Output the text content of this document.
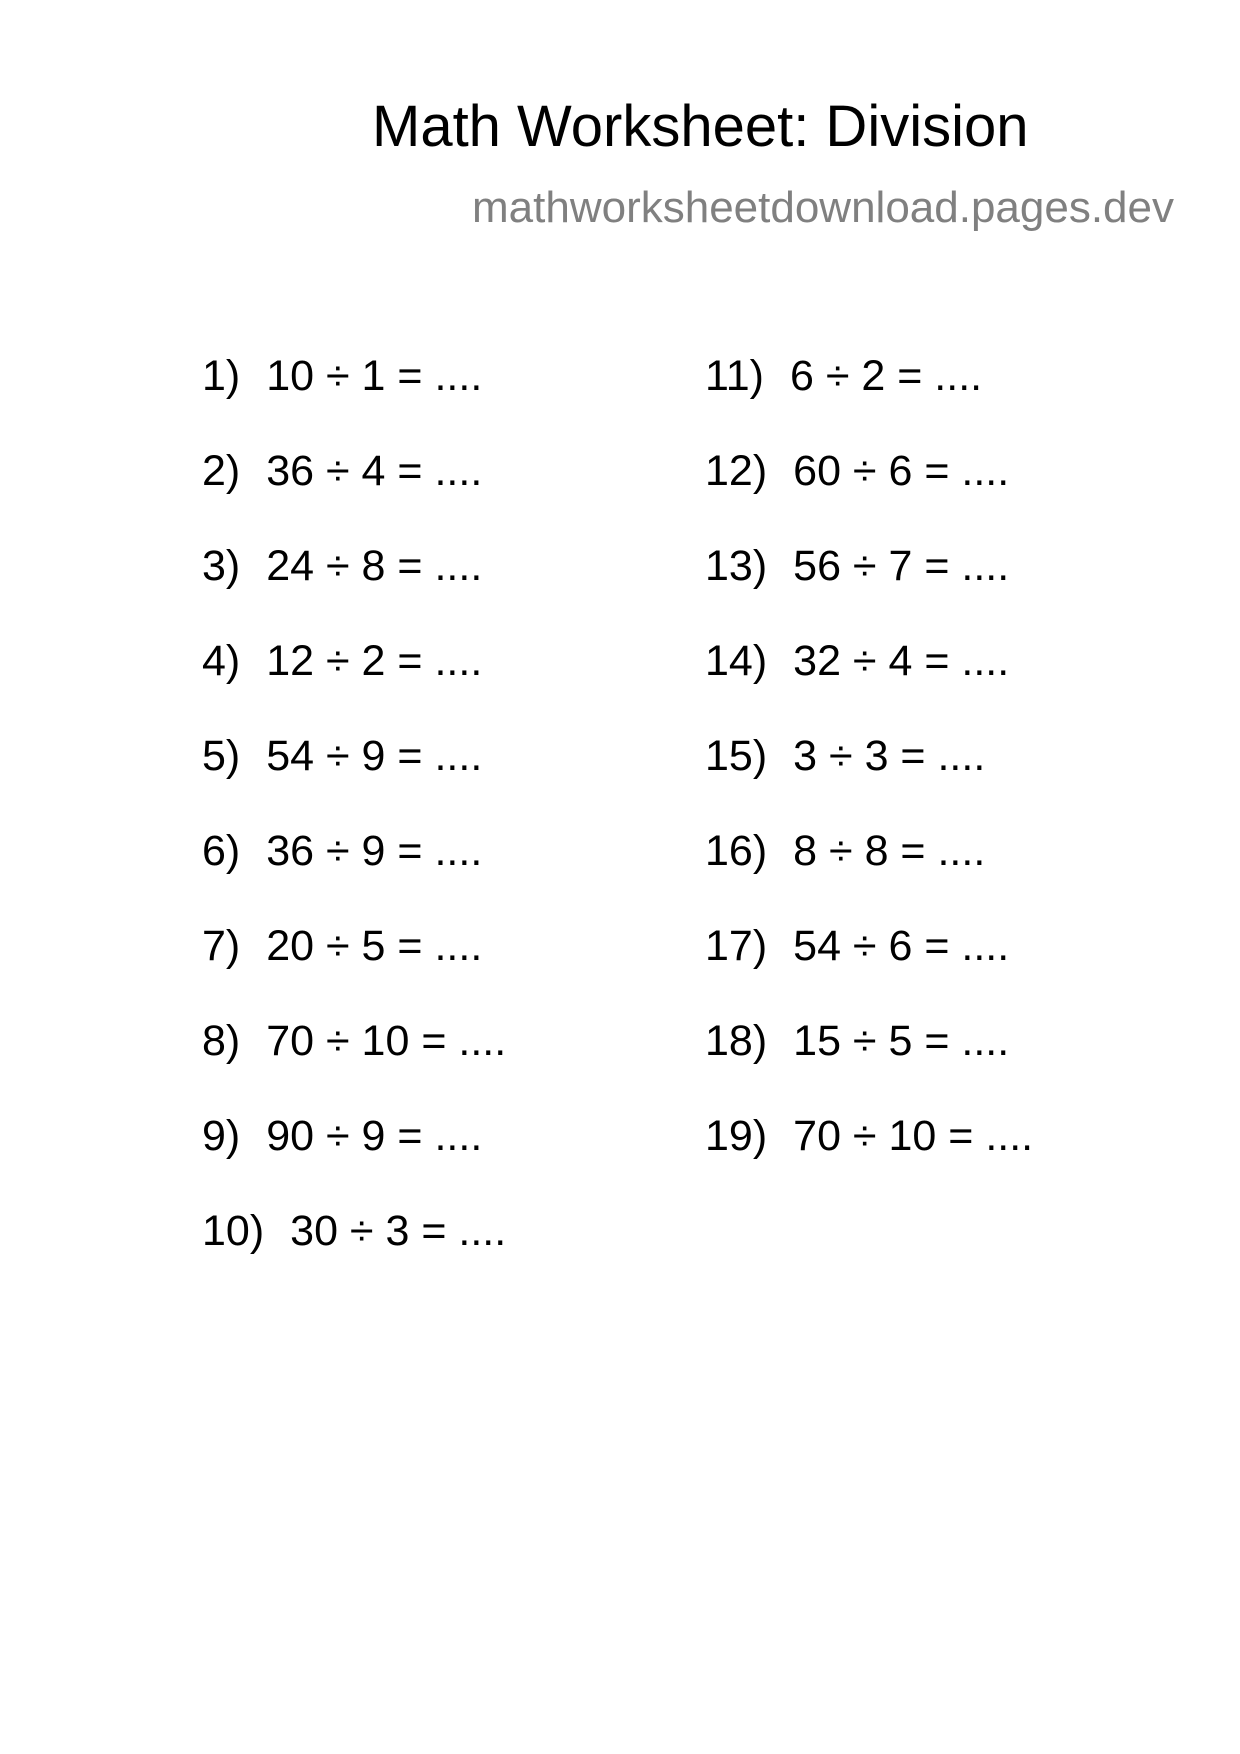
Math Worksheet: Division
mathworksheetdownload.pages.dev
1) 10 ÷ 1 = ....
2) 36 ÷ 4 = ....
3) 24 ÷ 8 = ....
4) 12 ÷ 2 = ....
5) 54 ÷ 9 = ....
6) 36 ÷ 9 = ....
7) 20 ÷ 5 = ....
8) 70 ÷ 10 = ....
9) 90 ÷ 9 = ....
10) 30 ÷ 3 = ....
11) 6 ÷ 2 = ....
12) 60 ÷ 6 = ....
13) 56 ÷ 7 = ....
14) 32 ÷ 4 = ....
15) 3 ÷ 3 = ....
16) 8 ÷ 8 = ....
17) 54 ÷ 6 = ....
18) 15 ÷ 5 = ....
19) 70 ÷ 10 = ....
